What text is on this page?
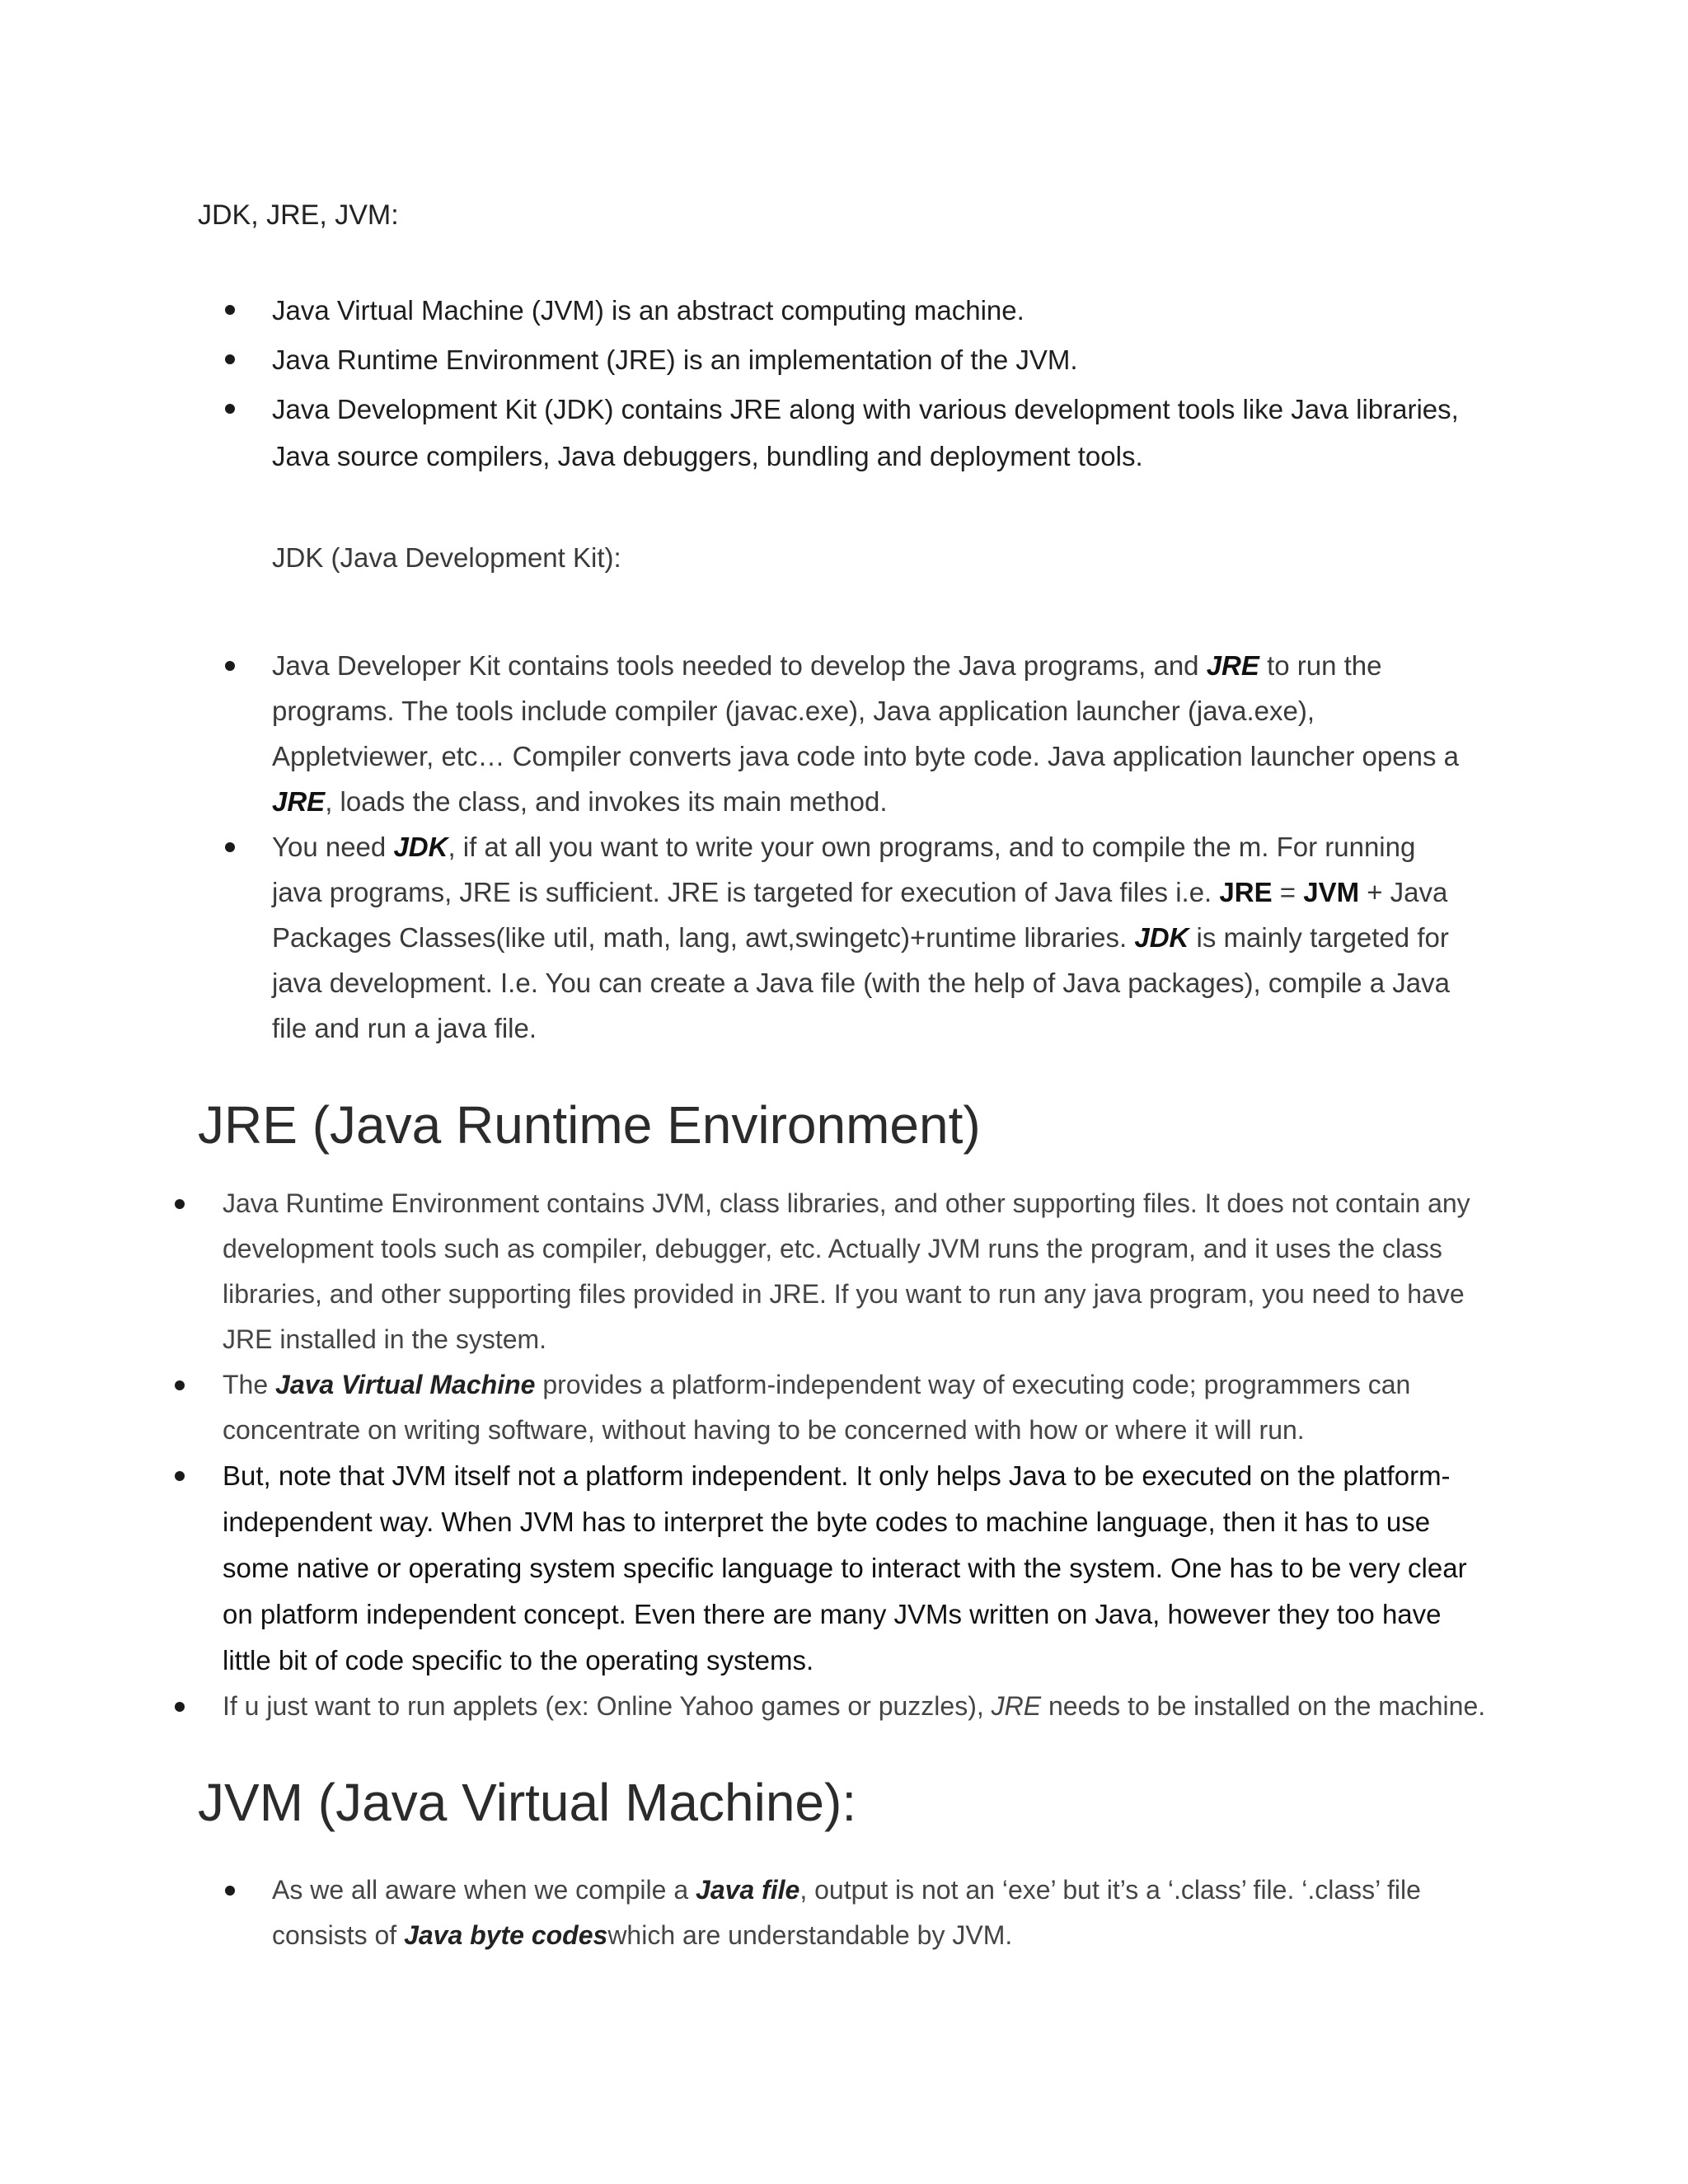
JDK, JRE, JVM:
Java Virtual Machine (JVM) is an abstract computing machine.
Java Runtime Environment (JRE) is an implementation of the JVM.
Java Development Kit (JDK) contains JRE along with various development tools like Java libraries, Java source compilers, Java debuggers, bundling and deployment tools.
JDK (Java Development Kit):
Java Developer Kit contains tools needed to develop the Java programs, and JRE to run the programs. The tools include compiler (javac.exe), Java application launcher (java.exe), Appletviewer, etc… Compiler converts java code into byte code. Java application launcher opens a JRE, loads the class, and invokes its main method.
You need JDK, if at all you want to write your own programs, and to compile the m. For running java programs, JRE is sufficient. JRE is targeted for execution of Java files i.e. JRE = JVM + Java Packages Classes(like util, math, lang, awt,swingetc)+runtime libraries. JDK is mainly targeted for java development. I.e. You can create a Java file (with the help of Java packages), compile a Java file and run a java file.
JRE (Java Runtime Environment)
Java Runtime Environment contains JVM, class libraries, and other supporting files. It does not contain any development tools such as compiler, debugger, etc. Actually JVM runs the program, and it uses the class libraries, and other supporting files provided in JRE. If you want to run any java program, you need to have JRE installed in the system.
The Java Virtual Machine provides a platform-independent way of executing code; programmers can concentrate on writing software, without having to be concerned with how or where it will run.
But, note that JVM itself not a platform independent. It only helps Java to be executed on the platform-independent way. When JVM has to interpret the byte codes to machine language, then it has to use some native or operating system specific language to interact with the system. One has to be very clear on platform independent concept. Even there are many JVMs written on Java, however they too have little bit of code specific to the operating systems.
If u just want to run applets (ex: Online Yahoo games or puzzles), JRE needs to be installed on the machine.
JVM (Java Virtual Machine):
As we all aware when we compile a Java file, output is not an ‘exe’ but it’s a ‘.class’ file. ‘.class’ file consists of Java byte codeswhich are understandable by JVM.
